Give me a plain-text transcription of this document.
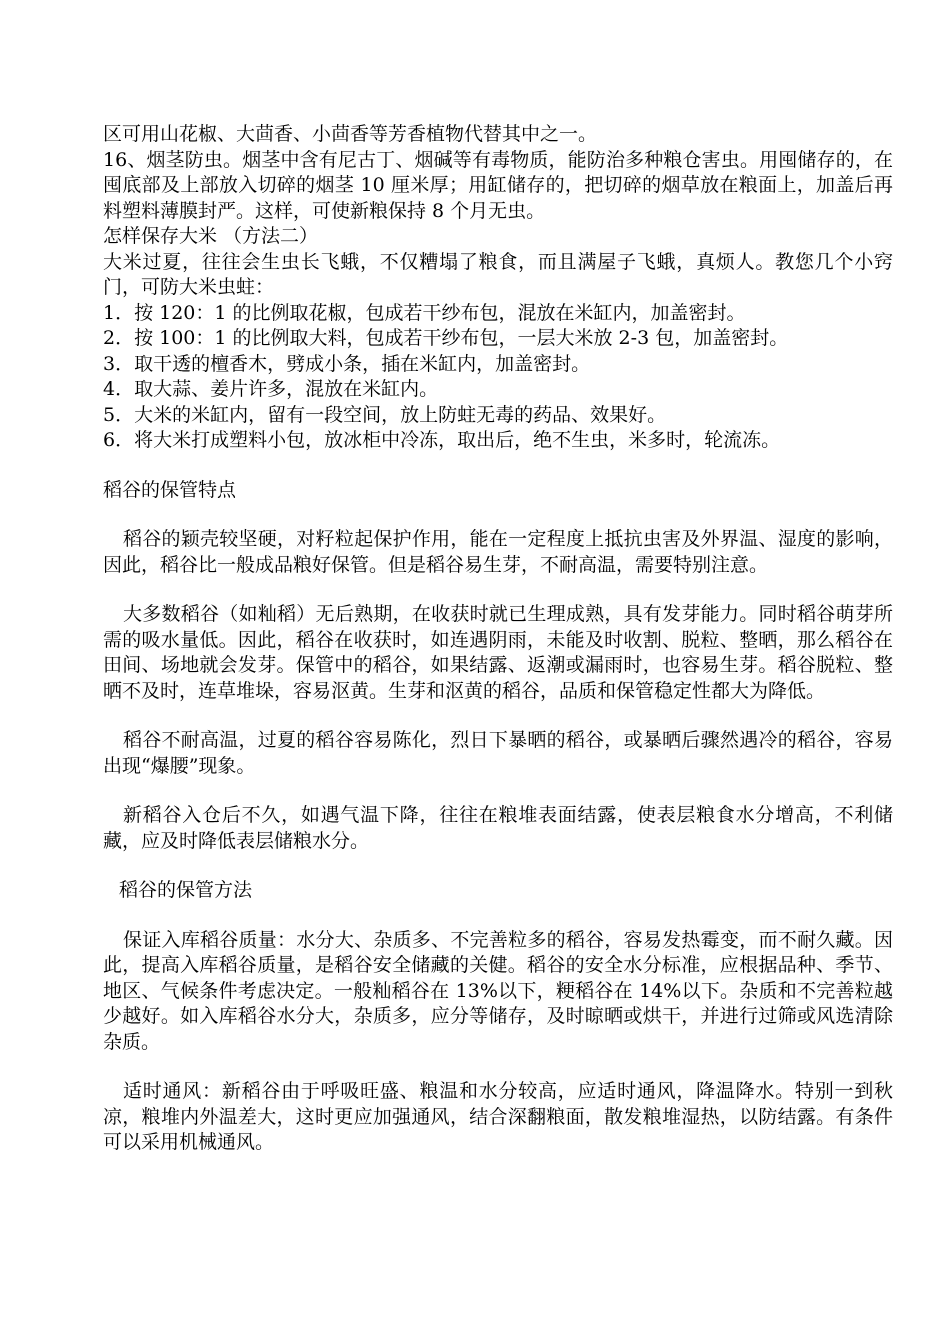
区可用山花椒、大茴香、小茴香等芳香植物代替其中之一。
16、烟茎防虫。烟茎中含有尼古丁、烟碱等有毒物质，能防治多种粮仓害虫。用囤储存的，在囤底部及上部放入切碎的烟茎 10 厘米厚；用缸储存的，把切碎的烟草放在粮面上，加盖后再料塑料薄膜封严。这样，可使新粮保持 8 个月无虫。
怎样保存大米 （方法二）
大米过夏，往往会生虫长飞蛾，不仅糟塌了粮食，而且满屋子飞蛾，真烦人。教您几个小窍门，可防大米虫蛀：
1．按 120：1 的比例取花椒，包成若干纱布包，混放在米缸内，加盖密封。
2．按 100：1 的比例取大料，包成若干纱布包，一层大米放 2-3 包，加盖密封。
3．取干透的檀香木，劈成小条，插在米缸内，加盖密封。
4．取大蒜、姜片许多，混放在米缸内。
5．大米的米缸内，留有一段空间，放上防蛀无毒的药品、效果好。
6．将大米打成塑料小包，放冰柜中冷冻，取出后，绝不生虫，米多时，轮流冻。
稻谷的保管特点
稻谷的颖壳较坚硬，对籽粒起保护作用，能在一定程度上抵抗虫害及外界温、湿度的影响，因此，稻谷比一般成品粮好保管。但是稻谷易生芽，不耐高温，需要特别注意。
大多数稻谷（如籼稻）无后熟期，在收获时就已生理成熟，具有发芽能力。同时稻谷萌芽所需的吸水量低。因此，稻谷在收获时，如连遇阴雨，未能及时收割、脱粒、整晒，那么稻谷在田间、场地就会发芽。保管中的稻谷，如果结露、返潮或漏雨时，也容易生芽。稻谷脱粒、整晒不及时，连草堆垛，容易沤黄。生芽和沤黄的稻谷，品质和保管稳定性都大为降低。
稻谷不耐高温，过夏的稻谷容易陈化，烈日下暴晒的稻谷，或暴晒后骤然遇冷的稻谷，容易出现“爆腰”现象。
新稻谷入仓后不久，如遇气温下降，往往在粮堆表面结露，使表层粮食水分增高，不利储藏，应及时降低表层储粮水分。
稻谷的保管方法
保证入库稻谷质量：水分大、杂质多、不完善粒多的稻谷，容易发热霉变，而不耐久藏。因此，提高入库稻谷质量，是稻谷安全储藏的关健。稻谷的安全水分标准，应根据品种、季节、地区、气候条件考虑决定。一般籼稻谷在 13%以下，粳稻谷在 14%以下。杂质和不完善粒越少越好。如入库稻谷水分大，杂质多，应分等储存，及时晾晒或烘干，并进行过筛或风选清除杂质。
适时通风：新稻谷由于呼吸旺盛、粮温和水分较高，应适时通风，降温降水。特别一到秋凉，粮堆内外温差大，这时更应加强通风，结合深翻粮面，散发粮堆湿热，以防结露。有条件可以采用机械通风。
